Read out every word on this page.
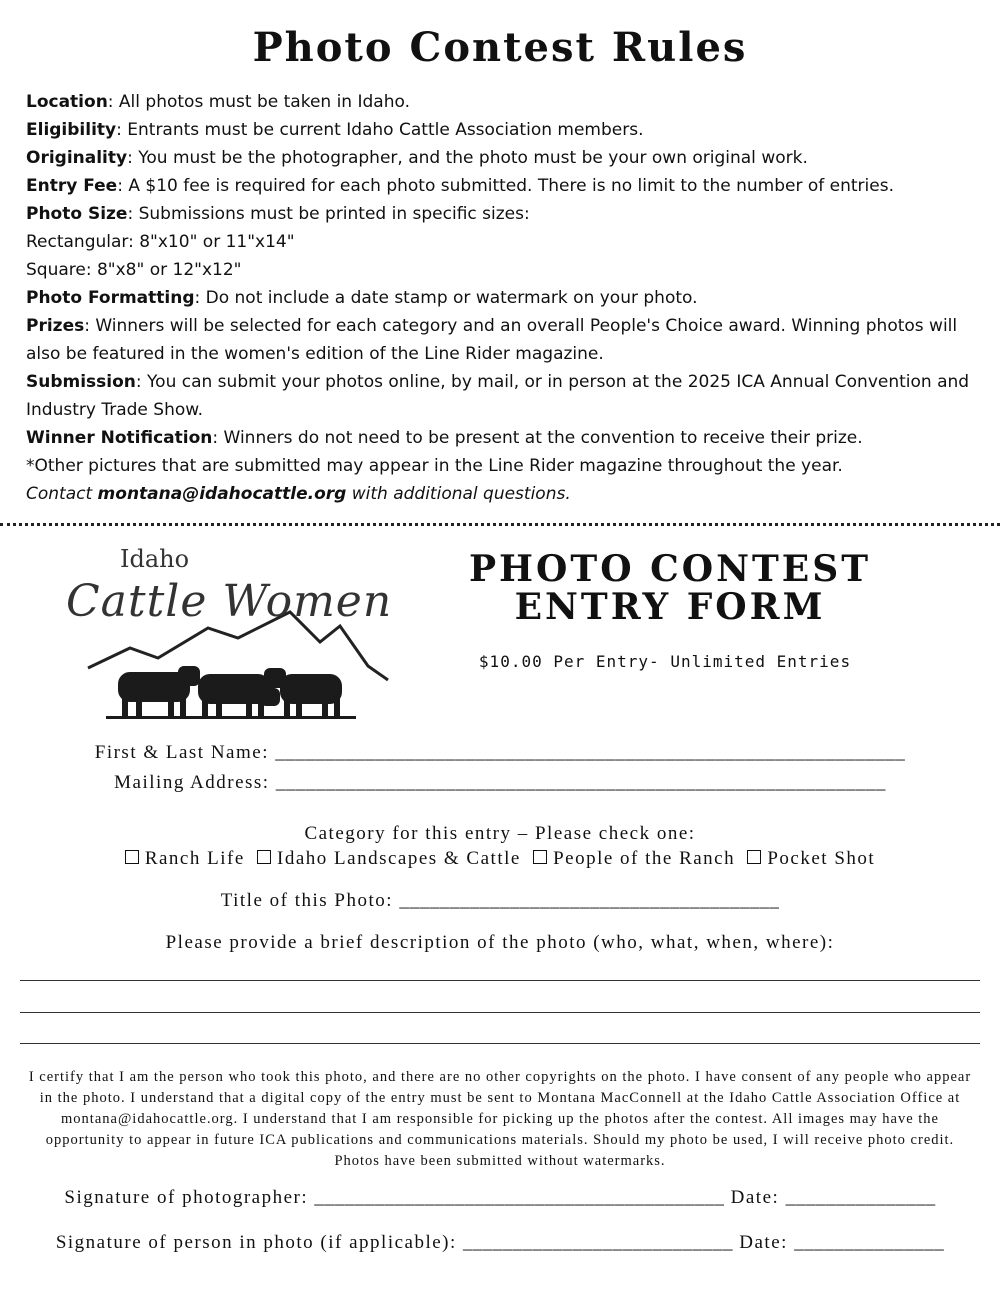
Photo Contest Rules

Location: All photos must be taken in Idaho.

Eligibility: Entrants must be current Idaho Cattle Association members.

Originality: You must be the photographer, and the photo must be your own original work.

Entry Fee: A $10 fee is required for each photo submitted. There is no limit to the number of entries.

Photo Size: Submissions must be printed in specific sizes:

Rectangular: 8"x10" or 11"x14"

Square: 8"x8" or 12"x12"

Photo Formatting: Do not include a date stamp or watermark on your photo.

Prizes: Winners will be selected for each category and an overall People's Choice award. Winning photos will also be featured in the women's edition of the Line Rider magazine.

Submission: You can submit your photos online, by mail, or in person at the 2025 ICA Annual Convention and Industry Trade Show.

Winner Notification: Winners do not need to be present at the convention to receive their prize.

*Other pictures that are submitted may appear in the Line Rider magazine throughout the year.

Contact montana@idahocattle.org with additional questions.

Idaho
Cattle Women
PHOTO CONTEST
ENTRY FORM
$10.00 Per Entry- Unlimited Entries
First & Last Name: _______________________________________________________________
Mailing Address: _____________________________________________________________
Category for this entry – Please check one:
Ranch Life Idaho Landscapes & Cattle People of the Ranch Pocket Shot
Title of this Photo: ______________________________________
Please provide a brief description of the photo (who, what, when, where):
I certify that I am the person who took this photo, and there are no other copyrights on the photo. I have consent of any people who appear in the photo. I understand that a digital copy of the entry must be sent to Montana MacConnell at the Idaho Cattle Association Office at montana@idahocattle.org. I understand that I am responsible for picking up the photos after the contest. All images may have the opportunity to appear in future ICA publications and communications materials. Should my photo be used, I will receive photo credit. Photos have been submitted without watermarks.
Signature of photographer: _________________________________________ Date: _______________
Signature of person in photo (if applicable): ___________________________ Date: _______________
